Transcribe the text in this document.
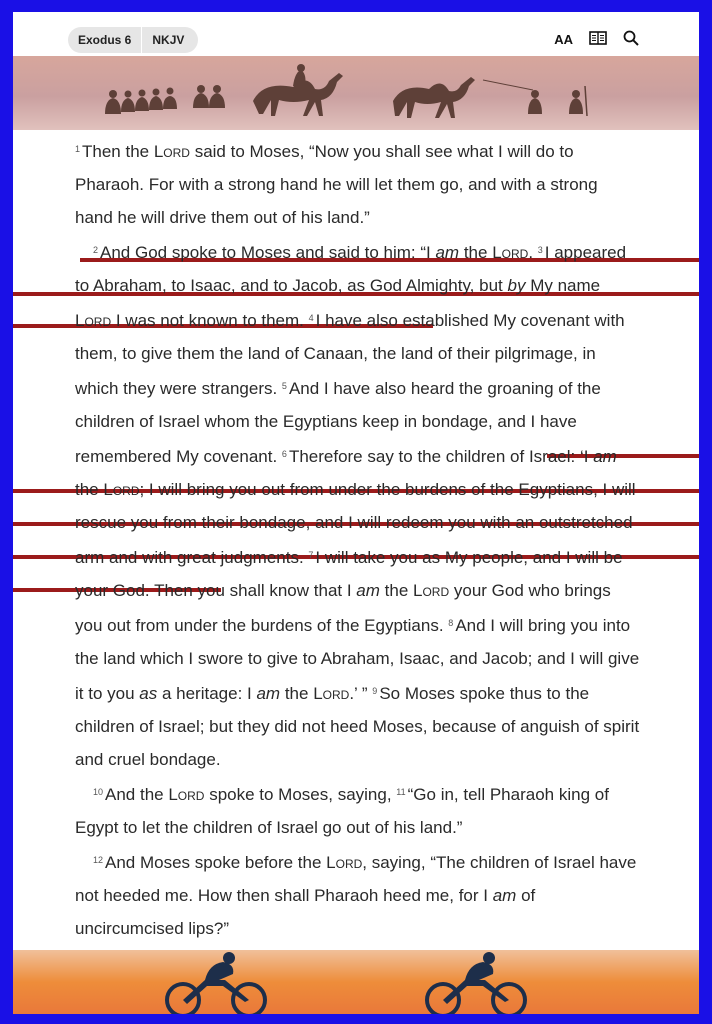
Exodus 6	NKJV	AA

$^1$ Then the Lord said to Moses, “Now you shall see what I will do to Pharaoh. For with a strong hand he will let them go, and with a strong hand he will drive them out of his land.”

$^2$ And God spoke to Moses and said to him: “I am the Lord. $^3$ I appeared to Abraham, to Isaac, and to Jacob, as God Almighty, but by My name Lord I was not known to them. $^4$ I have also established My covenant with them, to give them the land of Canaan, the land of their pilgrimage, in which they were strangers. $^5$ And I have also heard the groaning of the children of Israel whom the Egyptians keep in bondage, and I have remembered My covenant. $^6$ Therefore say to the children of Israel: ‘I am the Lord; I will bring you out from under the burdens of the Egyptians, I will rescue you from their bondage, and I will redeem you with an outstretched arm and with great judgments. $^7$ I will take you as My people, and I will be your God. Then you shall know that I am the Lord your God who brings you out from under the burdens of the Egyptians. $^8$ And I will bring you into the land which I swore to give to Abraham, Isaac, and Jacob; and I will give it to you as a heritage: I am the Lord.’ ” $^9$ So Moses spoke thus to the children of Israel; but they did not heed Moses, because of anguish of spirit and cruel bondage.

$^{10}$ And the Lord spoke to Moses, saying, $^{11}$ “Go in, tell Pharaoh king of Egypt to let the children of Israel go out of his land.”

$^{12}$ And Moses spoke before the Lord, saying, “The children of Israel have not heeded me. How then shall Pharaoh heed me, for I am of uncircumcised lips?”
